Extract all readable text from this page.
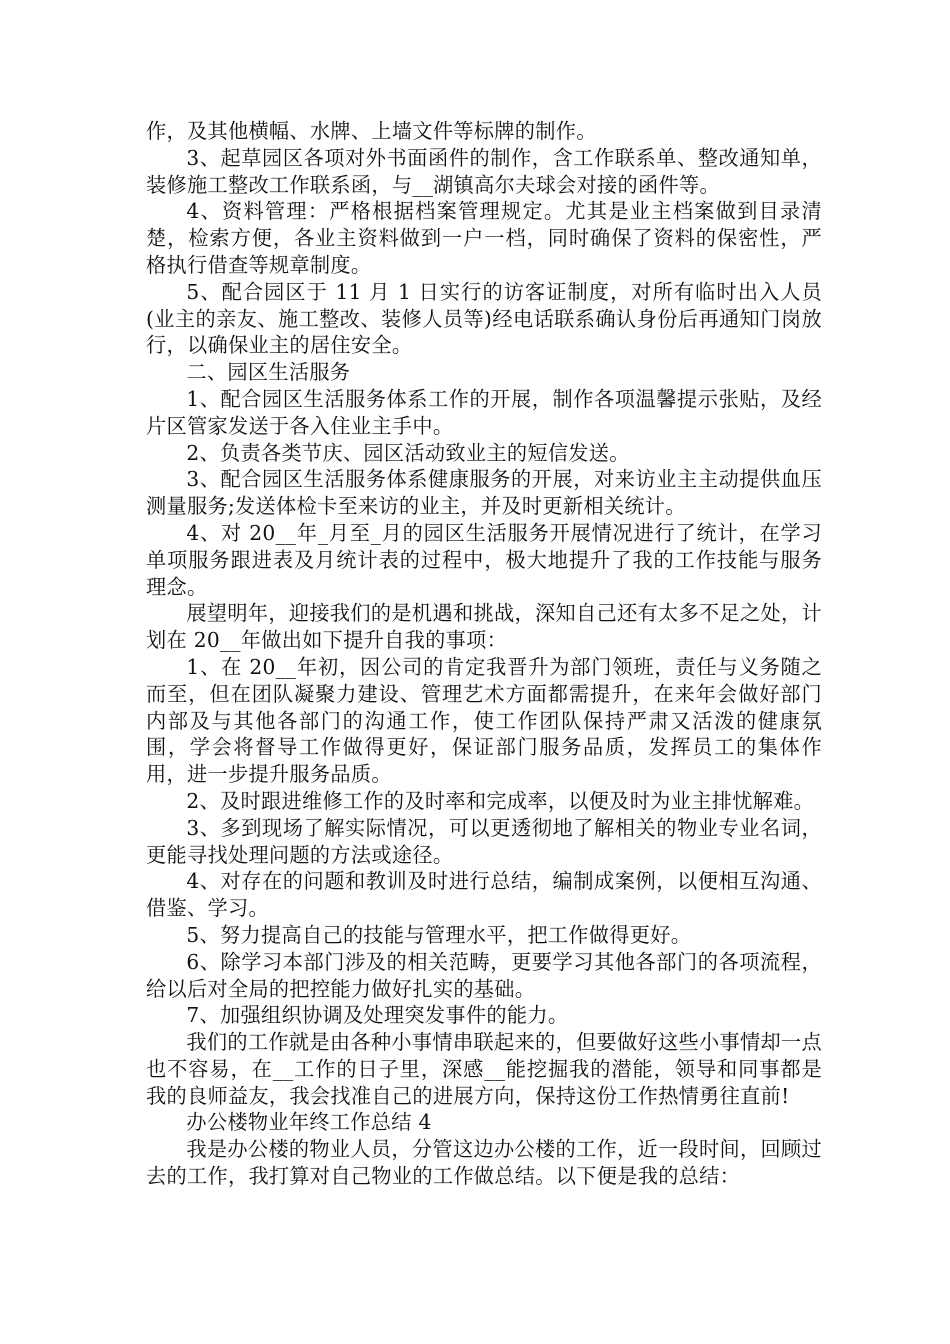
作，及其他横幅、水牌、上墙文件等标牌的制作。

3、起草园区各项对外书面函件的制作，含工作联系单、整改通知单，装修施工整改工作联系函，与__湖镇高尔夫球会对接的函件等。

4、资料管理：严格根据档案管理规定。尤其是业主档案做到目录清楚，检索方便，各业主资料做到一户一档，同时确保了资料的保密性，严格执行借查等规章制度。

5、配合园区于 11 月 1 日实行的访客证制度，对所有临时出入人员(业主的亲友、施工整改、装修人员等)经电话联系确认身份后再通知门岗放行，以确保业主的居住安全。

二、园区生活服务

1、配合园区生活服务体系工作的开展，制作各项温馨提示张贴，及经片区管家发送于各入住业主手中。

2、负责各类节庆、园区活动致业主的短信发送。

3、配合园区生活服务体系健康服务的开展，对来访业主主动提供血压测量服务;发送体检卡至来访的业主，并及时更新相关统计。

4、对 20__年_月至_月的园区生活服务开展情况进行了统计，在学习单项服务跟进表及月统计表的过程中，极大地提升了我的工作技能与服务理念。

展望明年，迎接我们的是机遇和挑战，深知自己还有太多不足之处，计划在 20__年做出如下提升自我的事项：

1、在 20__年初，因公司的肯定我晋升为部门领班，责任与义务随之而至，但在团队凝聚力建设、管理艺术方面都需提升，在来年会做好部门内部及与其他各部门的沟通工作，使工作团队保持严肃又活泼的健康氛围，学会将督导工作做得更好，保证部门服务品质，发挥员工的集体作用，进一步提升服务品质。

2、及时跟进维修工作的及时率和完成率，以便及时为业主排忧解难。

3、多到现场了解实际情况，可以更透彻地了解相关的物业专业名词，更能寻找处理问题的方法或途径。

4、对存在的问题和教训及时进行总结，编制成案例，以便相互沟通、借鉴、学习。

5、努力提高自己的技能与管理水平，把工作做得更好。

6、除学习本部门涉及的相关范畴，更要学习其他各部门的各项流程，给以后对全局的把控能力做好扎实的基础。

7、加强组织协调及处理突发事件的能力。

我们的工作就是由各种小事情串联起来的，但要做好这些小事情却一点也不容易，在__工作的日子里，深感__能挖掘我的潜能，领导和同事都是我的良师益友，我会找准自己的进展方向，保持这份工作热情勇往直前!

办公楼物业年终工作总结 4

我是办公楼的物业人员，分管这边办公楼的工作，近一段时间，回顾过去的工作，我打算对自己物业的工作做总结。以下便是我的总结：
